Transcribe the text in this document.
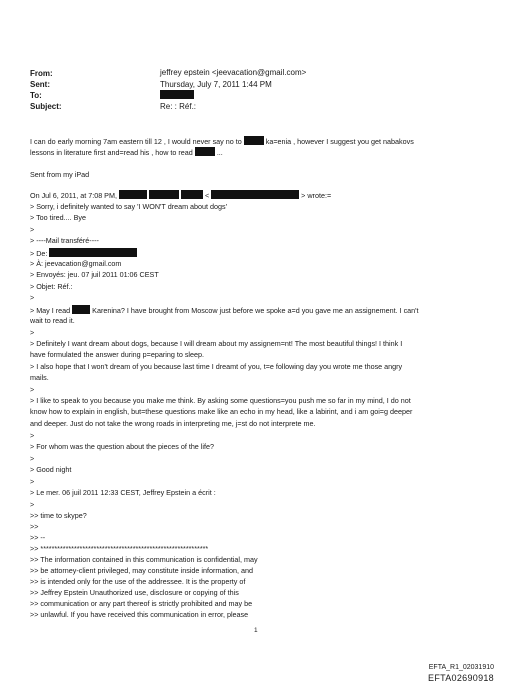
From:	jeffrey epstein <jeevacation@gmail.com>
Sent:	Thursday, July 7, 2011 1:44 PM
To:
Subject:	Re: : Réf.:
I can do early morning 7am eastern till 12 , I would never say no to	ka=enia , however I suggest you get nabakovs
lessons in literature first and=read his , how to read	...
Sent from my iPad
On Jul 6, 2011, at 7:08 PM,	<	> wrote:=
> Sorry, i definitely wanted to say 'I WON'T dream about dogs'
> Too tired.... Bye
>
> ----Mail transféré----
> De:
> À: jeevacation@gmail.com
> Envoyés: jeu. 07 juil 2011 01:06 CEST
> Objet: Réf.:
>
> May I read	Karenina? I have brought from Moscow just before we spoke a=d you gave me an assignement. I can't
wait to read it.
>
> Definitely I want dream about dogs, because I will dream about my assignem=nt! The most beautiful things! I think I
have formulated the answer during p=eparing to sleep.
> I also hope that I won't dream of you because last time I dreamt of you, t=e following day you wrote me those angry
mails.
>
> I like to speak to you because you make me think. By asking some questions=you push me so far in my mind, I do not
know how to explain in english, but=these questions make like an echo in my head, like a labirint, and i am goi=g deeper
and deeper. Just do not take the wrong roads in interpreting me, j=st do not interprete me.
>
> For whom was the question about the pieces of the life?
>
> Good night
>
> Le mer. 06 juil 2011 12:33 CEST, Jeffrey Epstein a écrit :
>
>> time to skype?
>>
>> --
>> ************************************************************
>> The information contained in this communication is confidential, may
>> be attorney-client privileged, may constitute inside information, and
>> is intended only for the use of the addressee. It is the property of
>> Jeffrey Epstein Unauthorized use, disclosure or copying of this
>> communication or any part thereof is strictly prohibited and may be
>> unlawful. If you have received this communication in error, please
1
EFTA_R1_02031910
EFTA02690918
